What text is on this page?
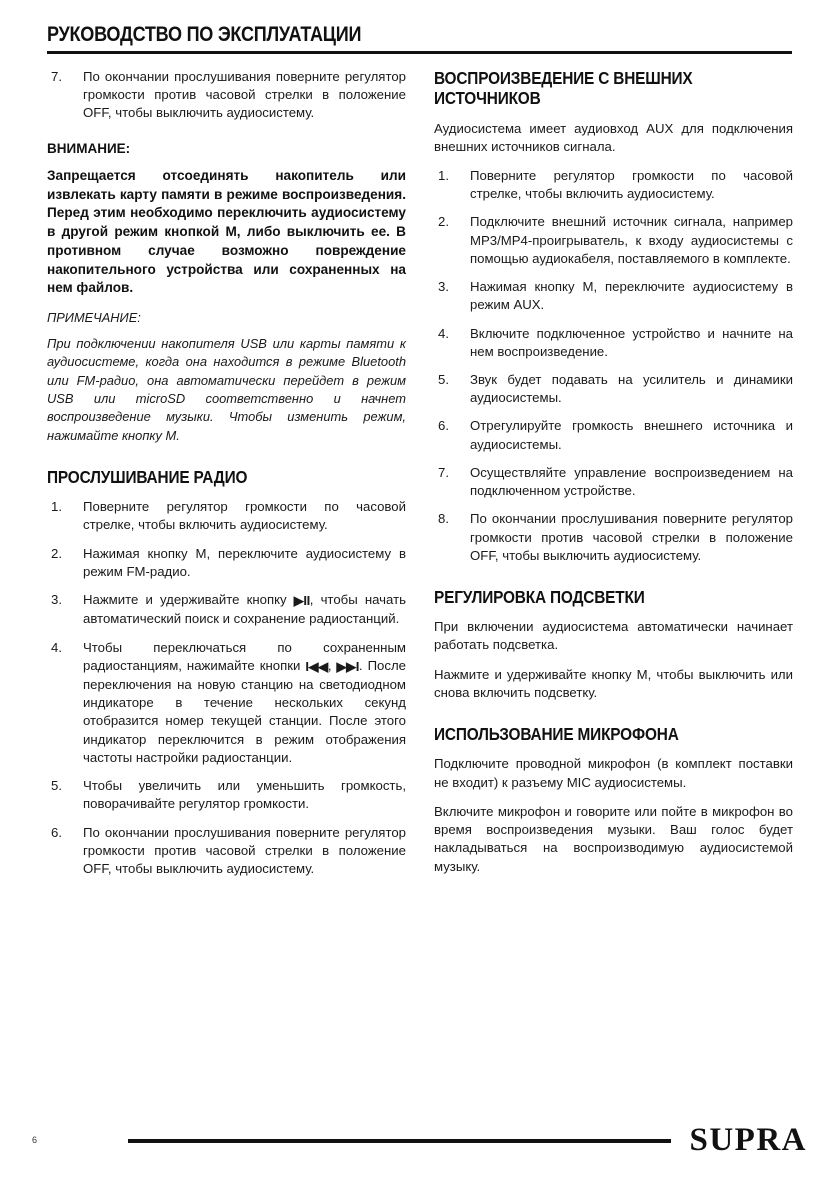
РУКОВОДСТВО ПО ЭКСПЛУАТАЦИИ
7. По окончании прослушивания поверните регулятор громкости против часовой стрелки в положение OFF, чтобы выключить аудиосистему.
ВНИМАНИЕ:

Запрещается отсоединять накопитель или извлекать карту памяти в режиме воспроизведения. Перед этим необходимо переключить аудиосистему в другой режим кнопкой M, либо выключить ее. В противном случае возможно повреждение накопительного устройства или сохраненных на нем файлов.

ПРИМЕЧАНИЕ:

При подключении накопителя USB или карты памяти к аудиосистеме, когда она находится в режиме Bluetooth или FM-радио, она автоматически перейдет в режим USB или microSD соответственно и начнет воспроизведение музыки. Чтобы изменить режим, нажимайте кнопку M.

ПРОСЛУШИВАНИЕ РАДИО
1. Поверните регулятор громкости по часовой стрелке, чтобы включить аудиосистему.
2. Нажимая кнопку M, переключите аудиосистему в режим FM-радио.
3. Нажмите и удерживайте кнопку ▶II, чтобы начать автоматический поиск и сохранение радиостанций.
4. Чтобы переключаться по сохраненным радиостанциям, нажимайте кнопки I◀◀, ▶▶I. После переключения на новую станцию на светодиодном индикаторе в течение нескольких секунд отобразится номер текущей станции. После этого индикатор переключится в режим отображения частоты настройки радиостанции.
5. Чтобы увеличить или уменьшить громкость, поворачивайте регулятор громкости.
6. По окончании прослушивания поверните регулятор громкости против часовой стрелки в положение OFF, чтобы выключить аудиосистему.
ВОСПРОИЗВЕДЕНИЕ С ВНЕШНИХ ИСТОЧНИКОВ

Аудиосистема имеет аудиовход AUX для подключения внешних источников сигнала.

1. Поверните регулятор громкости по часовой стрелке, чтобы включить аудиосистему.
2. Подключите внешний источник сигнала, например MP3/MP4-проигрыватель, к входу аудиосистемы с помощью аудиокабеля, поставляемого в комплекте.
3. Нажимая кнопку M, переключите аудиосистему в режим AUX.
4. Включите подключенное устройство и начните на нем воспроизведение.
5. Звук будет подавать на усилитель и динамики аудиосистемы.
6. Отрегулируйте громкость внешнего источника и аудиосистемы.
7. Осуществляйте управление воспроизведением на подключенном устройстве.
8. По окончании прослушивания поверните регулятор громкости против часовой стрелки в положение OFF, чтобы выключить аудиосистему.
РЕГУЛИРОВКА ПОДСВЕТКИ

При включении аудиосистема автоматически начинает работать подсветка.

Нажмите и удерживайте кнопку M, чтобы выключить или снова включить подсветку.

ИСПОЛЬЗОВАНИЕ МИКРОФОНА

Подключите проводной микрофон (в комплект поставки не входит) к разъему MIC аудиосистемы.

Включите микрофон и говорите или пойте в микрофон во время воспроизведения музыки. Ваш голос будет накладываться на воспроизводимую аудиосистемой музыку.

6	SUPRA
